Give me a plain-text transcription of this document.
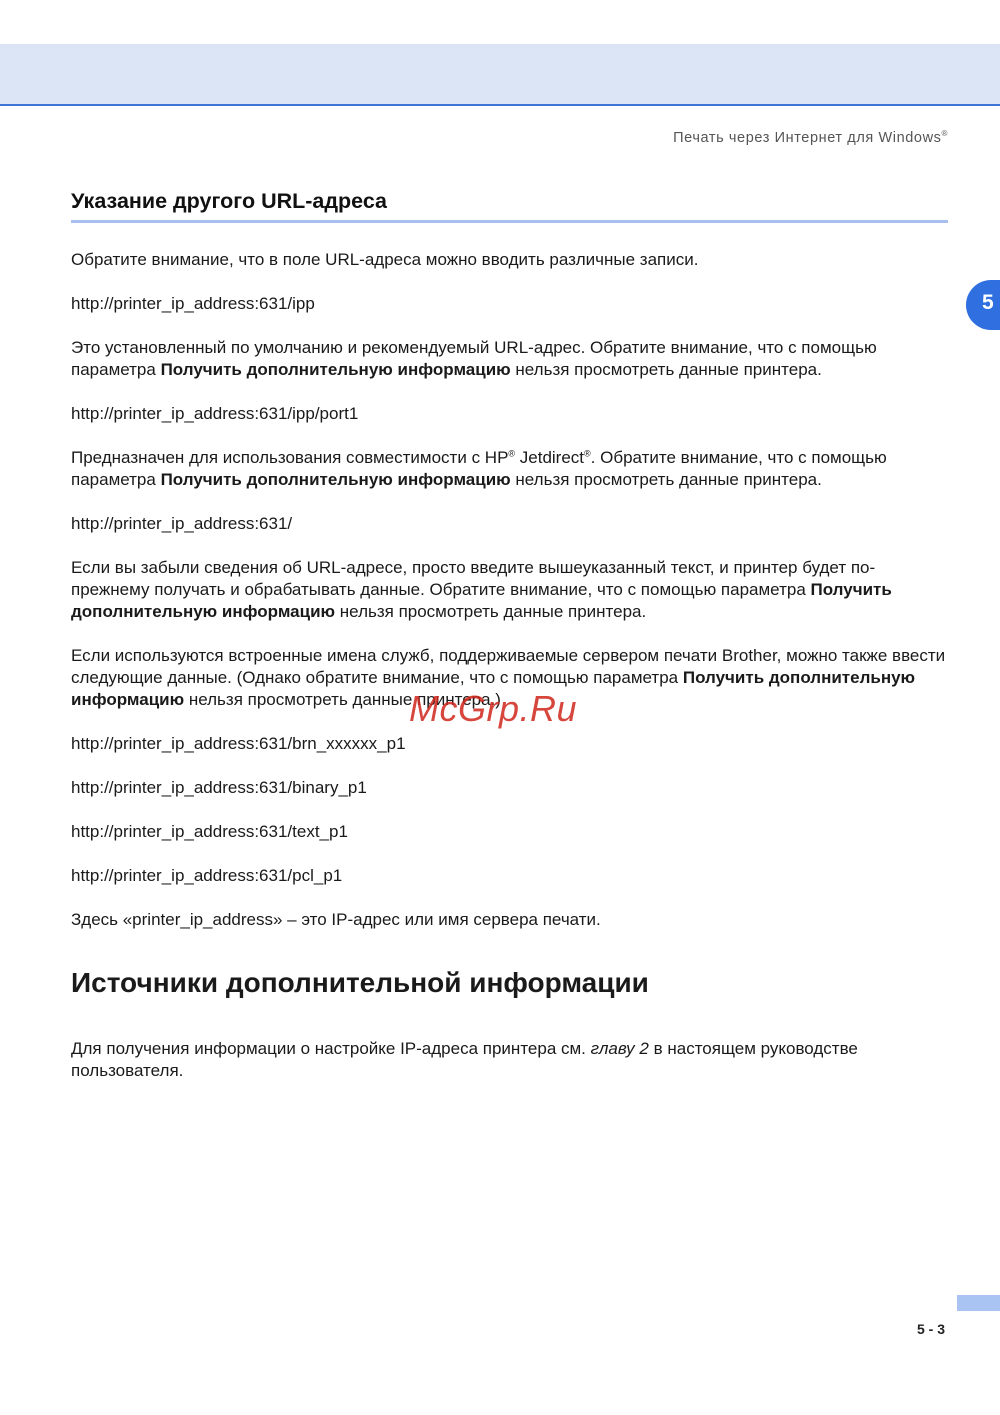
Печать через Интернет для Windows®
5
Указание другого URL-адреса

Обратите внимание, что в поле URL-адреса можно вводить различные записи.

http://printer_ip_address:631/ipp

Это установленный по умолчанию и рекомендуемый URL-адрес. Обратите внимание, что с помощью параметра Получить дополнительную информацию нельзя просмотреть данные принтера.

http://printer_ip_address:631/ipp/port1

Предназначен для использования совместимости с HP® Jetdirect®. Обратите внимание, что с помощью параметра Получить дополнительную информацию нельзя просмотреть данные принтера.

http://printer_ip_address:631/

Если вы забыли сведения об URL-адресе, просто введите вышеуказанный текст, и принтер будет по-прежнему получать и обрабатывать данные. Обратите внимание, что с помощью параметра Получить дополнительную информацию нельзя просмотреть данные принтера.

Если используются встроенные имена служб, поддерживаемые сервером печати Brother, можно также ввести следующие данные. (Однако обратите внимание, что с помощью параметра Получить дополнительную информацию нельзя просмотреть данные принтера.)

http://printer_ip_address:631/brn_xxxxxx_p1

http://printer_ip_address:631/binary_p1

http://printer_ip_address:631/text_p1

http://printer_ip_address:631/pcl_p1

Здесь «printer_ip_address» – это IP-адрес или имя сервера печати.

Источники дополнительной информации

Для получения информации о настройке IP-адреса принтера см. главу 2 в настоящем руководстве пользователя.

McGrp.Ru
5 - 3
